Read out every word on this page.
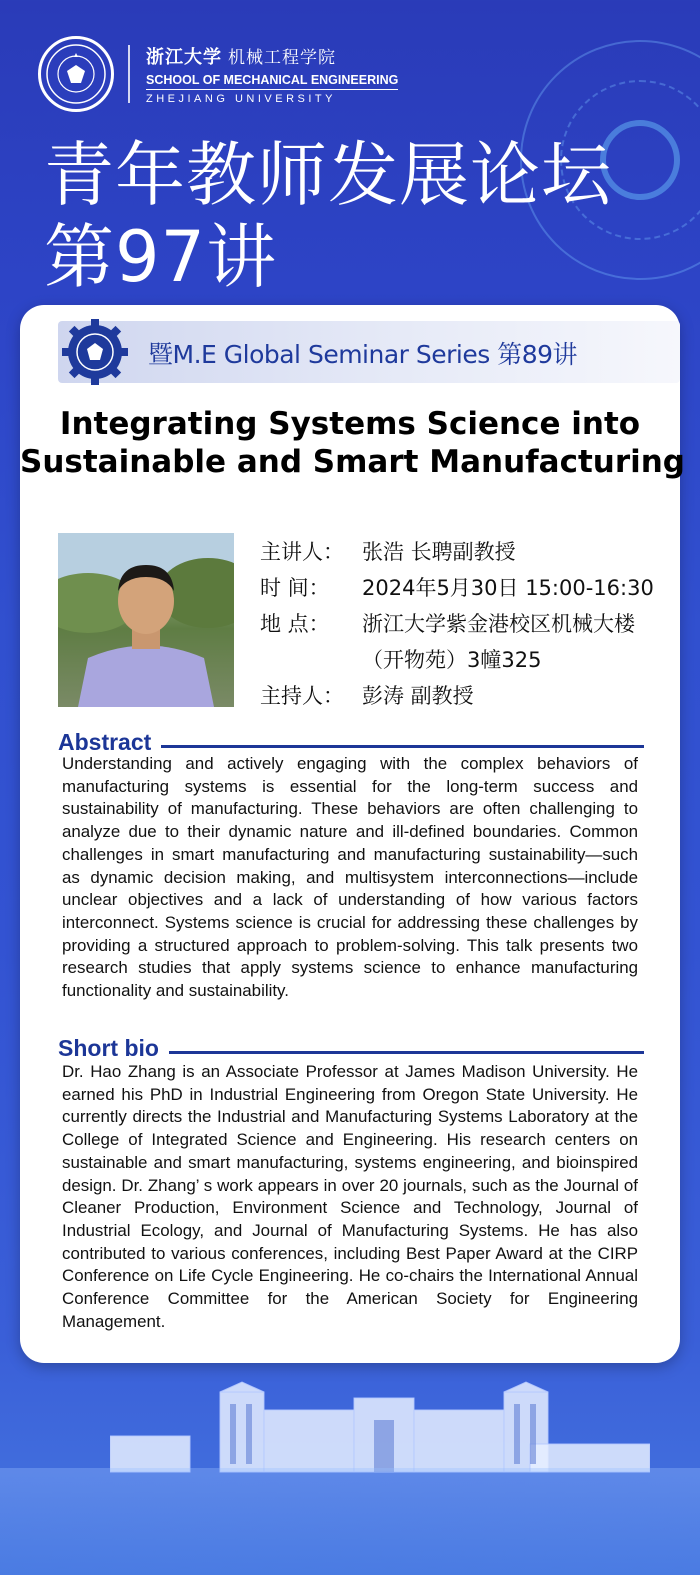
浙江大学 机械工程学院
SCHOOL OF MECHANICAL ENGINEERING
ZHEJIANG UNIVERSITY
青年教师发展论坛
第97讲
暨M.E Global Seminar Series 第89讲
Integrating Systems Science into
Sustainable and Smart Manufacturing
主讲人： 张浩 长聘副教授
时 间：	2024年5月30日 15:00-16:30
地 点：	浙江大学紫金港校区机械大楼
（开物苑）3幢325
主持人： 彭涛 副教授
Abstract
Understanding and actively engaging with the complex behaviors of manufacturing systems is essential for the long-term success and sustainability of manufacturing. These behaviors are often challenging to analyze due to their dynamic nature and ill-defined boundaries. Common challenges in smart manufacturing and manufacturing sustainability—such as dynamic decision making, and multisystem interconnections—include unclear objectives and a lack of understanding of how various factors interconnect. Systems science is crucial for addressing these challenges by providing a structured approach to problem-solving. This talk presents two research studies that apply systems science to enhance manufacturing functionality and sustainability.
Short bio
Dr. Hao Zhang is an Associate Professor at James Madison University. He earned his PhD in Industrial Engineering from Oregon State University. He currently directs the Industrial and Manufacturing Systems Laboratory at the College of Integrated Science and Engineering. His research centers on sustainable and smart manufacturing, systems engineering, and bioinspired design. Dr. Zhang’ s work appears in over 20 journals, such as the Journal of Cleaner Production, Environment Science and Technology, Journal of Industrial Ecology, and Journal of Manufacturing Systems. He has also contributed to various conferences, including Best Paper Award at the CIRP Conference on Life Cycle Engineering. He co-chairs the International Annual Conference Committee for the American Society for Engineering Management.
